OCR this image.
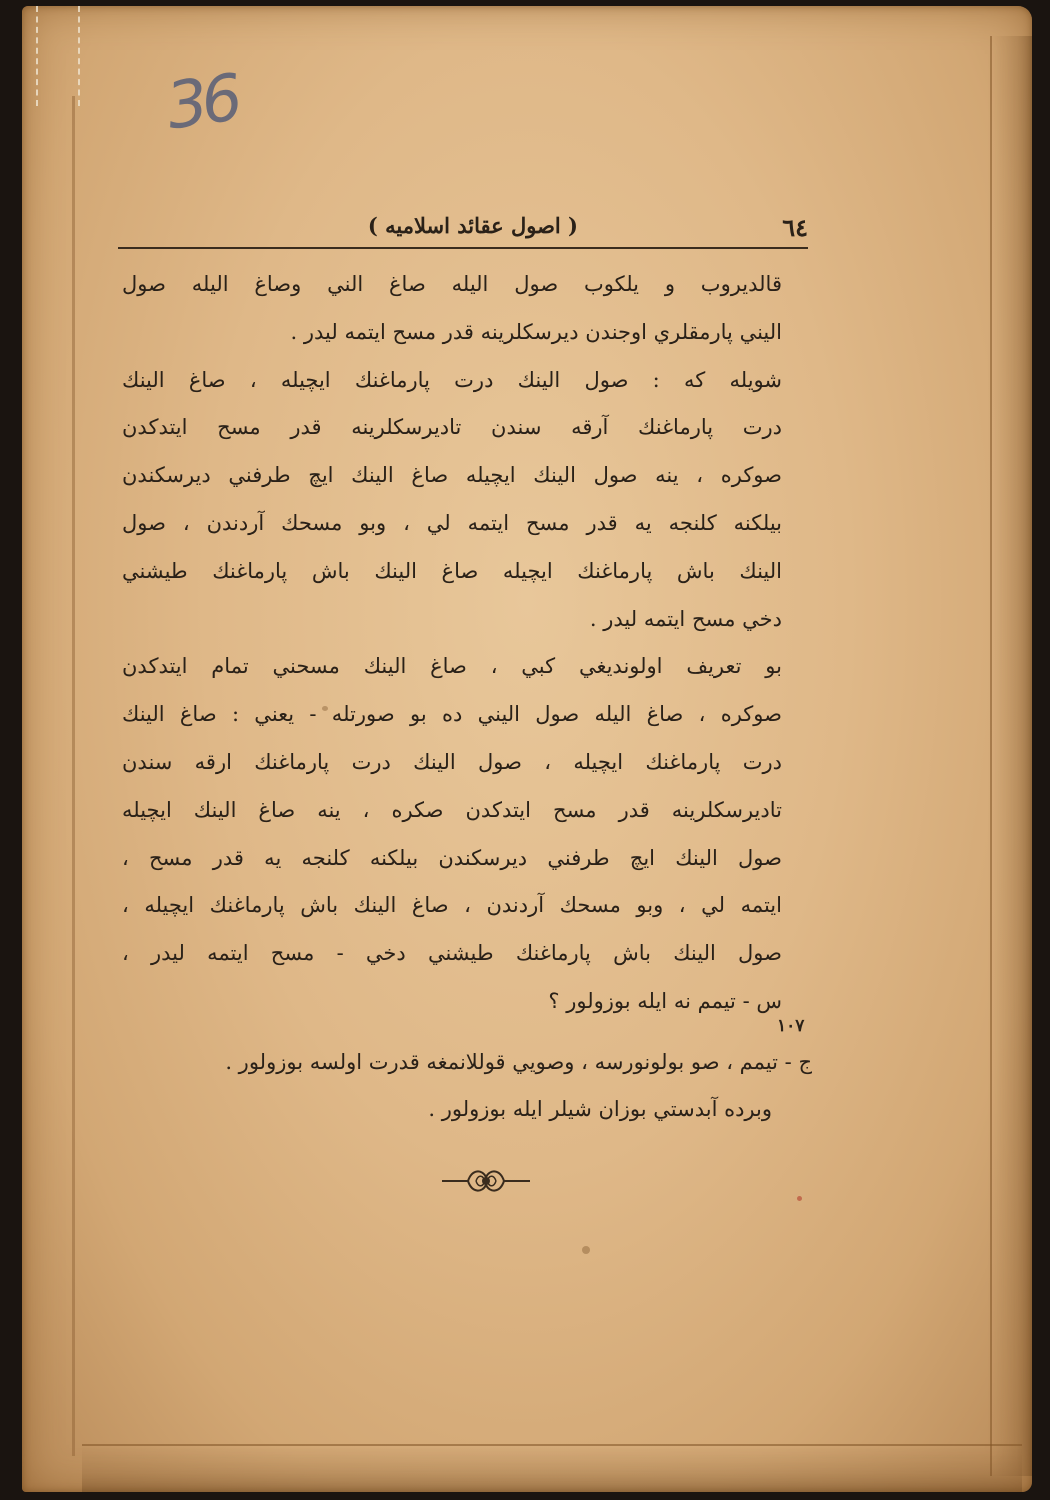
36
٦٤
( اصول عقائد اسلاميه )
قالديروب و يلكوب صول اليله صاغ الني وصاغ اليله صول
اليني پارمقلري اوجندن ديرسكلرينه قدر مسح ايتمه ليدر .
شويله كه : صول الينك درت پارماغنك ايچيله ، صاغ الينك
درت پارماغنك آرقه سندن تاديرسكلرينه قدر مسح ايتدكدن
صوكره ، ينه صول الينك ايچيله صاغ الينك ايچ طرفني ديرسكندن
بيلكنه كلنجه يه قدر مسح ايتمه لي ، وبو مسحك آردندن ، صول
الينك باش پارماغنك ايچيله صاغ الينك باش پارماغنك طيشني
دخي مسح ايتمه ليدر .
بو تعريف اولونديغي كبي ، صاغ الينك مسحني تمام ايتدكدن
صوكره ، صاغ اليله صول اليني ده بو صورتله - يعني : صاغ الينك
درت پارماغنك ايچيله ، صول الينك درت پارماغنك ارقه سندن
تاديرسكلرينه قدر مسح ايتدكدن صكره ، ينه صاغ الينك ايچيله
صول الينك ايچ طرفني ديرسكندن بيلكنه كلنجه يه قدر مسح ،
ايتمه لي ، وبو مسحك آردندن ، صاغ الينك باش پارماغنك ايچيله ،
صول الينك باش پارماغنك طيشني دخي - مسح ايتمه ليدر ،
س - تيمم نه ايله بوزولور ؟
١٠٧
ج - تيمم ، صو بولونورسه ، وصويي قوللانمغه قدرت اولسه بوزولور .
وبرده آبدستي بوزان شيلر ايله بوزولور .
